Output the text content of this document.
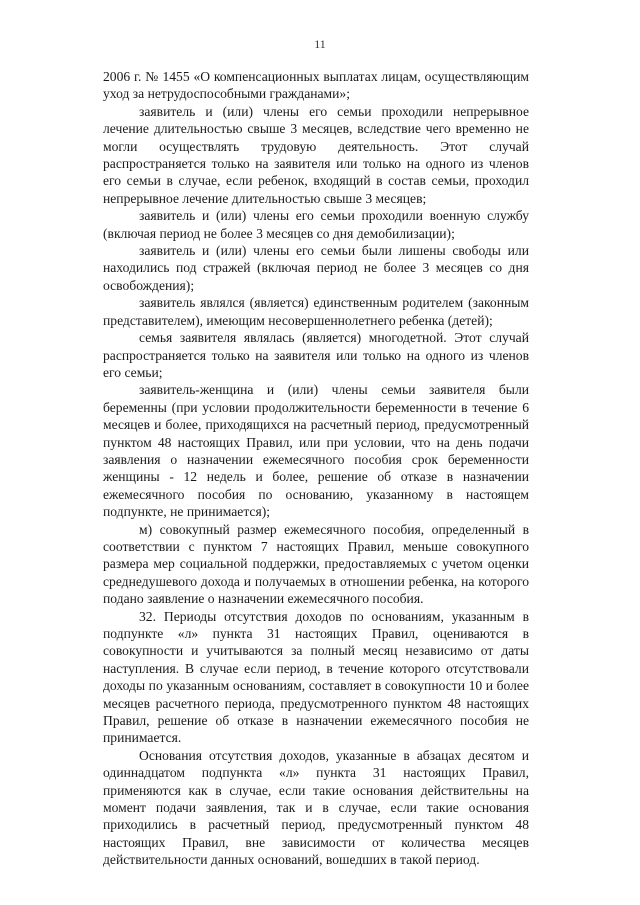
11

2006 г. № 1455 «О компенсационных выплатах лицам, осуществляющим уход за нетрудоспособными гражданами»;

заявитель и (или) члены его семьи проходили непрерывное лечение длительностью свыше 3 месяцев, вследствие чего временно не могли осуществлять трудовую деятельность. Этот случай распространяется только на заявителя или только на одного из членов его семьи в случае, если ребенок, входящий в состав семьи, проходил непрерывное лечение длительностью свыше 3 месяцев;

заявитель и (или) члены его семьи проходили военную службу (включая период не более 3 месяцев со дня демобилизации);

заявитель и (или) члены его семьи были лишены свободы или находились под стражей (включая период не более 3 месяцев со дня освобождения);

заявитель являлся (является) единственным родителем (законным представителем), имеющим несовершеннолетнего ребенка (детей);

семья заявителя являлась (является) многодетной. Этот случай распространяется только на заявителя или только на одного из членов его семьи;

заявитель-женщина и (или) члены семьи заявителя были беременны (при условии продолжительности беременности в течение 6 месяцев и более, приходящихся на расчетный период, предусмотренный пунктом 48 настоящих Правил, или при условии, что на день подачи заявления о назначении ежемесячного пособия срок беременности женщины - 12 недель и более, решение об отказе в назначении ежемесячного пособия по основанию, указанному в настоящем подпункте, не принимается);

м) совокупный размер ежемесячного пособия, определенный в соответствии с пунктом 7 настоящих Правил, меньше совокупного размера мер социальной поддержки, предоставляемых с учетом оценки среднедушевого дохода и получаемых в отношении ребенка, на которого подано заявление о назначении ежемесячного пособия.

32. Периоды отсутствия доходов по основаниям, указанным в подпункте «л» пункта 31 настоящих Правил, оцениваются в совокупности и учитываются за полный месяц независимо от даты наступления. В случае если период, в течение которого отсутствовали доходы по указанным основаниям, составляет в совокупности 10 и более месяцев расчетного периода, предусмотренного пунктом 48 настоящих Правил, решение об отказе в назначении ежемесячного пособия не принимается.

Основания отсутствия доходов, указанные в абзацах десятом и одиннадцатом подпункта «л» пункта 31 настоящих Правил, применяются как в случае, если такие основания действительны на момент подачи заявления, так и в случае, если такие основания приходились в расчетный период, предусмотренный пунктом 48 настоящих Правил, вне зависимости от количества месяцев действительности данных оснований, вошедших в такой период.
